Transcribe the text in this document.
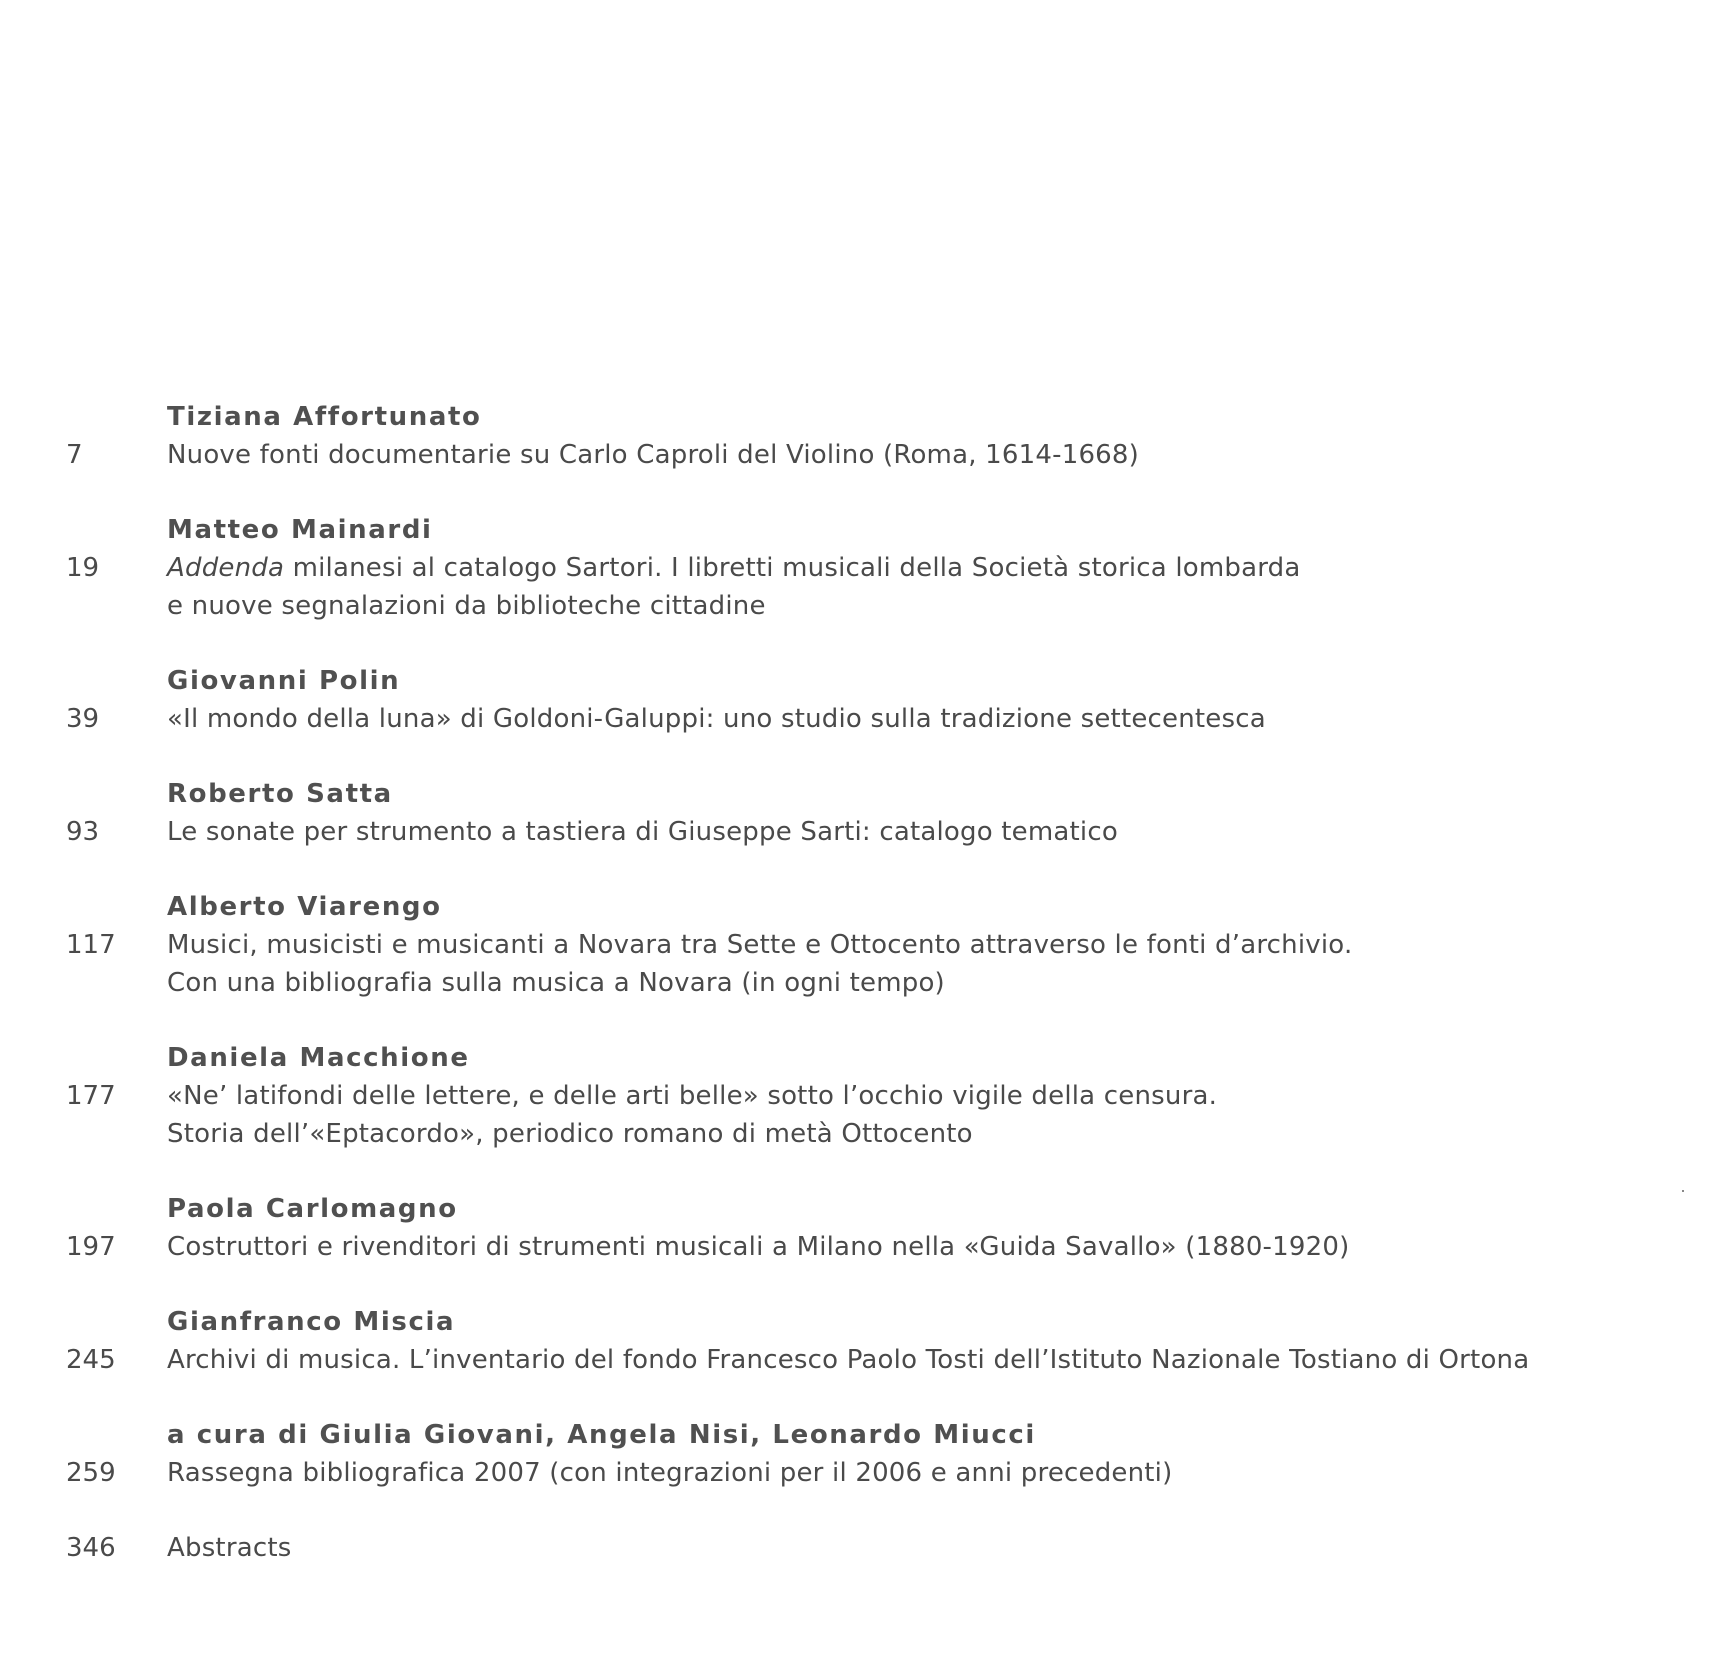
Tiziana Affortunato
7	Nuove fonti documentarie su Carlo Caproli del Violino (Roma, 1614-1668)
Matteo Mainardi
19	Addenda milanesi al catalogo Sartori. I libretti musicali della Società storica lombarda
e nuove segnalazioni da biblioteche cittadine
Giovanni Polin
39	«Il mondo della luna» di Goldoni-Galuppi: uno studio sulla tradizione settecentesca
Roberto Satta
93	Le sonate per strumento a tastiera di Giuseppe Sarti: catalogo tematico
Alberto Viarengo
117	Musici, musicisti e musicanti a Novara tra Sette e Ottocento attraverso le fonti d’archivio.
Con una bibliografia sulla musica a Novara (in ogni tempo)
Daniela Macchione
177	«Ne’ latifondi delle lettere, e delle arti belle» sotto l’occhio vigile della censura.
Storia dell’«Eptacordo», periodico romano di metà Ottocento
Paola Carlomagno
197	Costruttori e rivenditori di strumenti musicali a Milano nella «Guida Savallo» (1880-1920)
Gianfranco Miscia
245	Archivi di musica. L’inventario del fondo Francesco Paolo Tosti dell’Istituto Nazionale Tostiano di Ortona
a cura di Giulia Giovani, Angela Nisi, Leonardo Miucci
259	Rassegna bibliografica 2007 (con integrazioni per il 2006 e anni precedenti)
346	Abstracts
